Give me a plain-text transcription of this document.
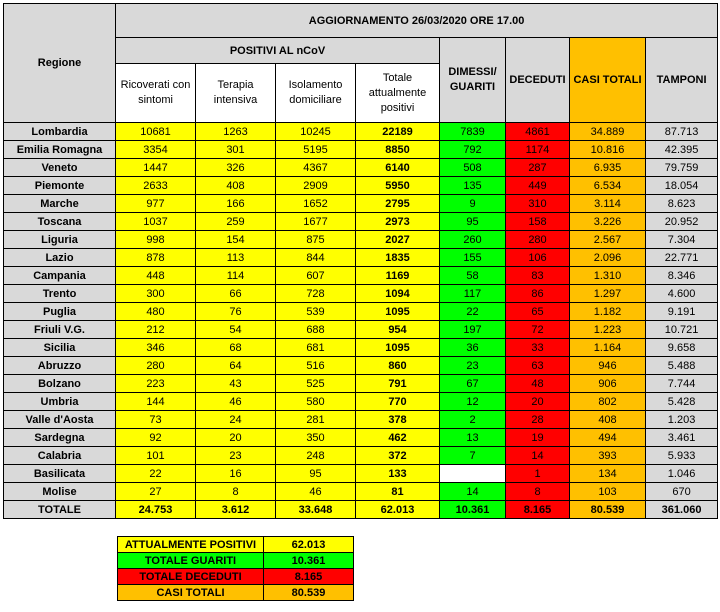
Regione	AGGIORNAMENTO 26/03/2020 ORE 17.00							
	POSITIVI AL nCoV				DIMESSI/ GUARITI	DECEDUTI	CASI TOTALI	TAMPONI
	Ricoverati con sintomi	Terapia intensiva	Isolamento domiciliare	Totale attualmente positivi				
Lombardia	10681	1263	10245	22189	7839	4861	34.889	87.713
Emilia Romagna	3354	301	5195	8850	792	1174	10.816	42.395
Veneto	1447	326	4367	6140	508	287	6.935	79.759
Piemonte	2633	408	2909	5950	135	449	6.534	18.054
Marche	977	166	1652	2795	9	310	3.114	8.623
Toscana	1037	259	1677	2973	95	158	3.226	20.952
Liguria	998	154	875	2027	260	280	2.567	7.304
Lazio	878	113	844	1835	155	106	2.096	22.771
Campania	448	114	607	1169	58	83	1.310	8.346
Trento	300	66	728	1094	117	86	1.297	4.600
Puglia	480	76	539	1095	22	65	1.182	9.191
Friuli V.G.	212	54	688	954	197	72	1.223	10.721
Sicilia	346	68	681	1095	36	33	1.164	9.658
Abruzzo	280	64	516	860	23	63	946	5.488
Bolzano	223	43	525	791	67	48	906	7.744
Umbria	144	46	580	770	12	20	802	5.428
Valle d'Aosta	73	24	281	378	2	28	408	1.203
Sardegna	92	20	350	462	13	19	494	3.461
Calabria	101	23	248	372	7	14	393	5.933
Basilicata	22	16	95	133		1	134	1.046
Molise	27	8	46	81	14	8	103	670
TOTALE	24.753	3.612	33.648	62.013	10.361	8.165	80.539	361.060
ATTUALMENTE POSITIVI	62.013
TOTALE GUARITI	10.361
TOTALE DECEDUTI	8.165
CASI TOTALI	80.539
